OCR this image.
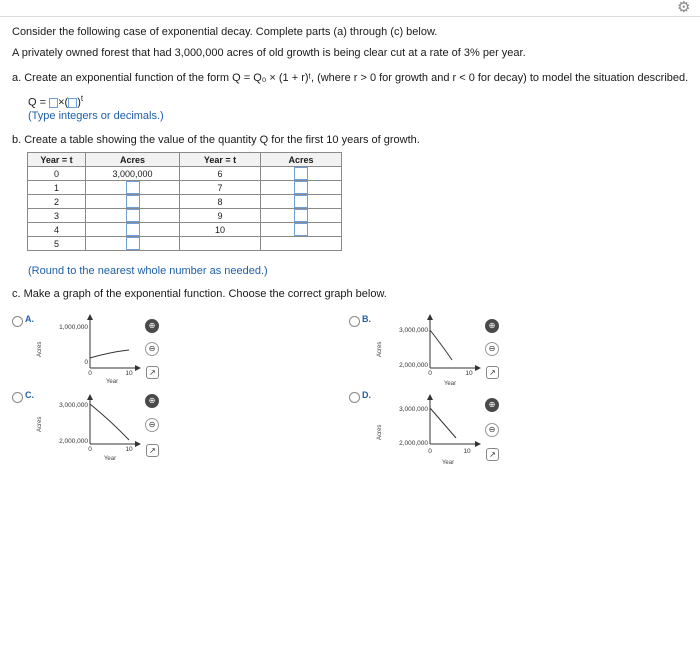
⚙
Consider the following case of exponential decay. Complete parts (a) through (c) below.
A privately owned forest that had 3,000,000 acres of old growth is being clear cut at a rate of 3% per year.
a. Create an exponential function of the form Q = Q₀ × (1 + r)ᵗ, (where r > 0 for growth and r < 0 for decay) to model the situation described.
Q = ×( )$^t$
(Type integers or decimals.)
b. Create a table showing the value of the quantity Q for the first 10 years of growth.
Year = t	Acres	Year = t	Acres
0	3,000,000	6	

1		7	

2		8	

3		9	

4		10	

5	

(Round to the nearest whole number as needed.)
c. Make a graph of the exponential function. Choose the correct graph below.
A.
Acres
1,000,000
0
0	10
Year
⊕
⊖
↗
B.
Acres
3,000,000
2,000,000
0	10
Year
⊕
⊖
↗
C.
Acres
3,000,000
2,000,000
0	10
Year
⊕
⊖
↗
D.
Acres
3,000,000
2,000,000
0	10
Year
⊕
⊖
↗
